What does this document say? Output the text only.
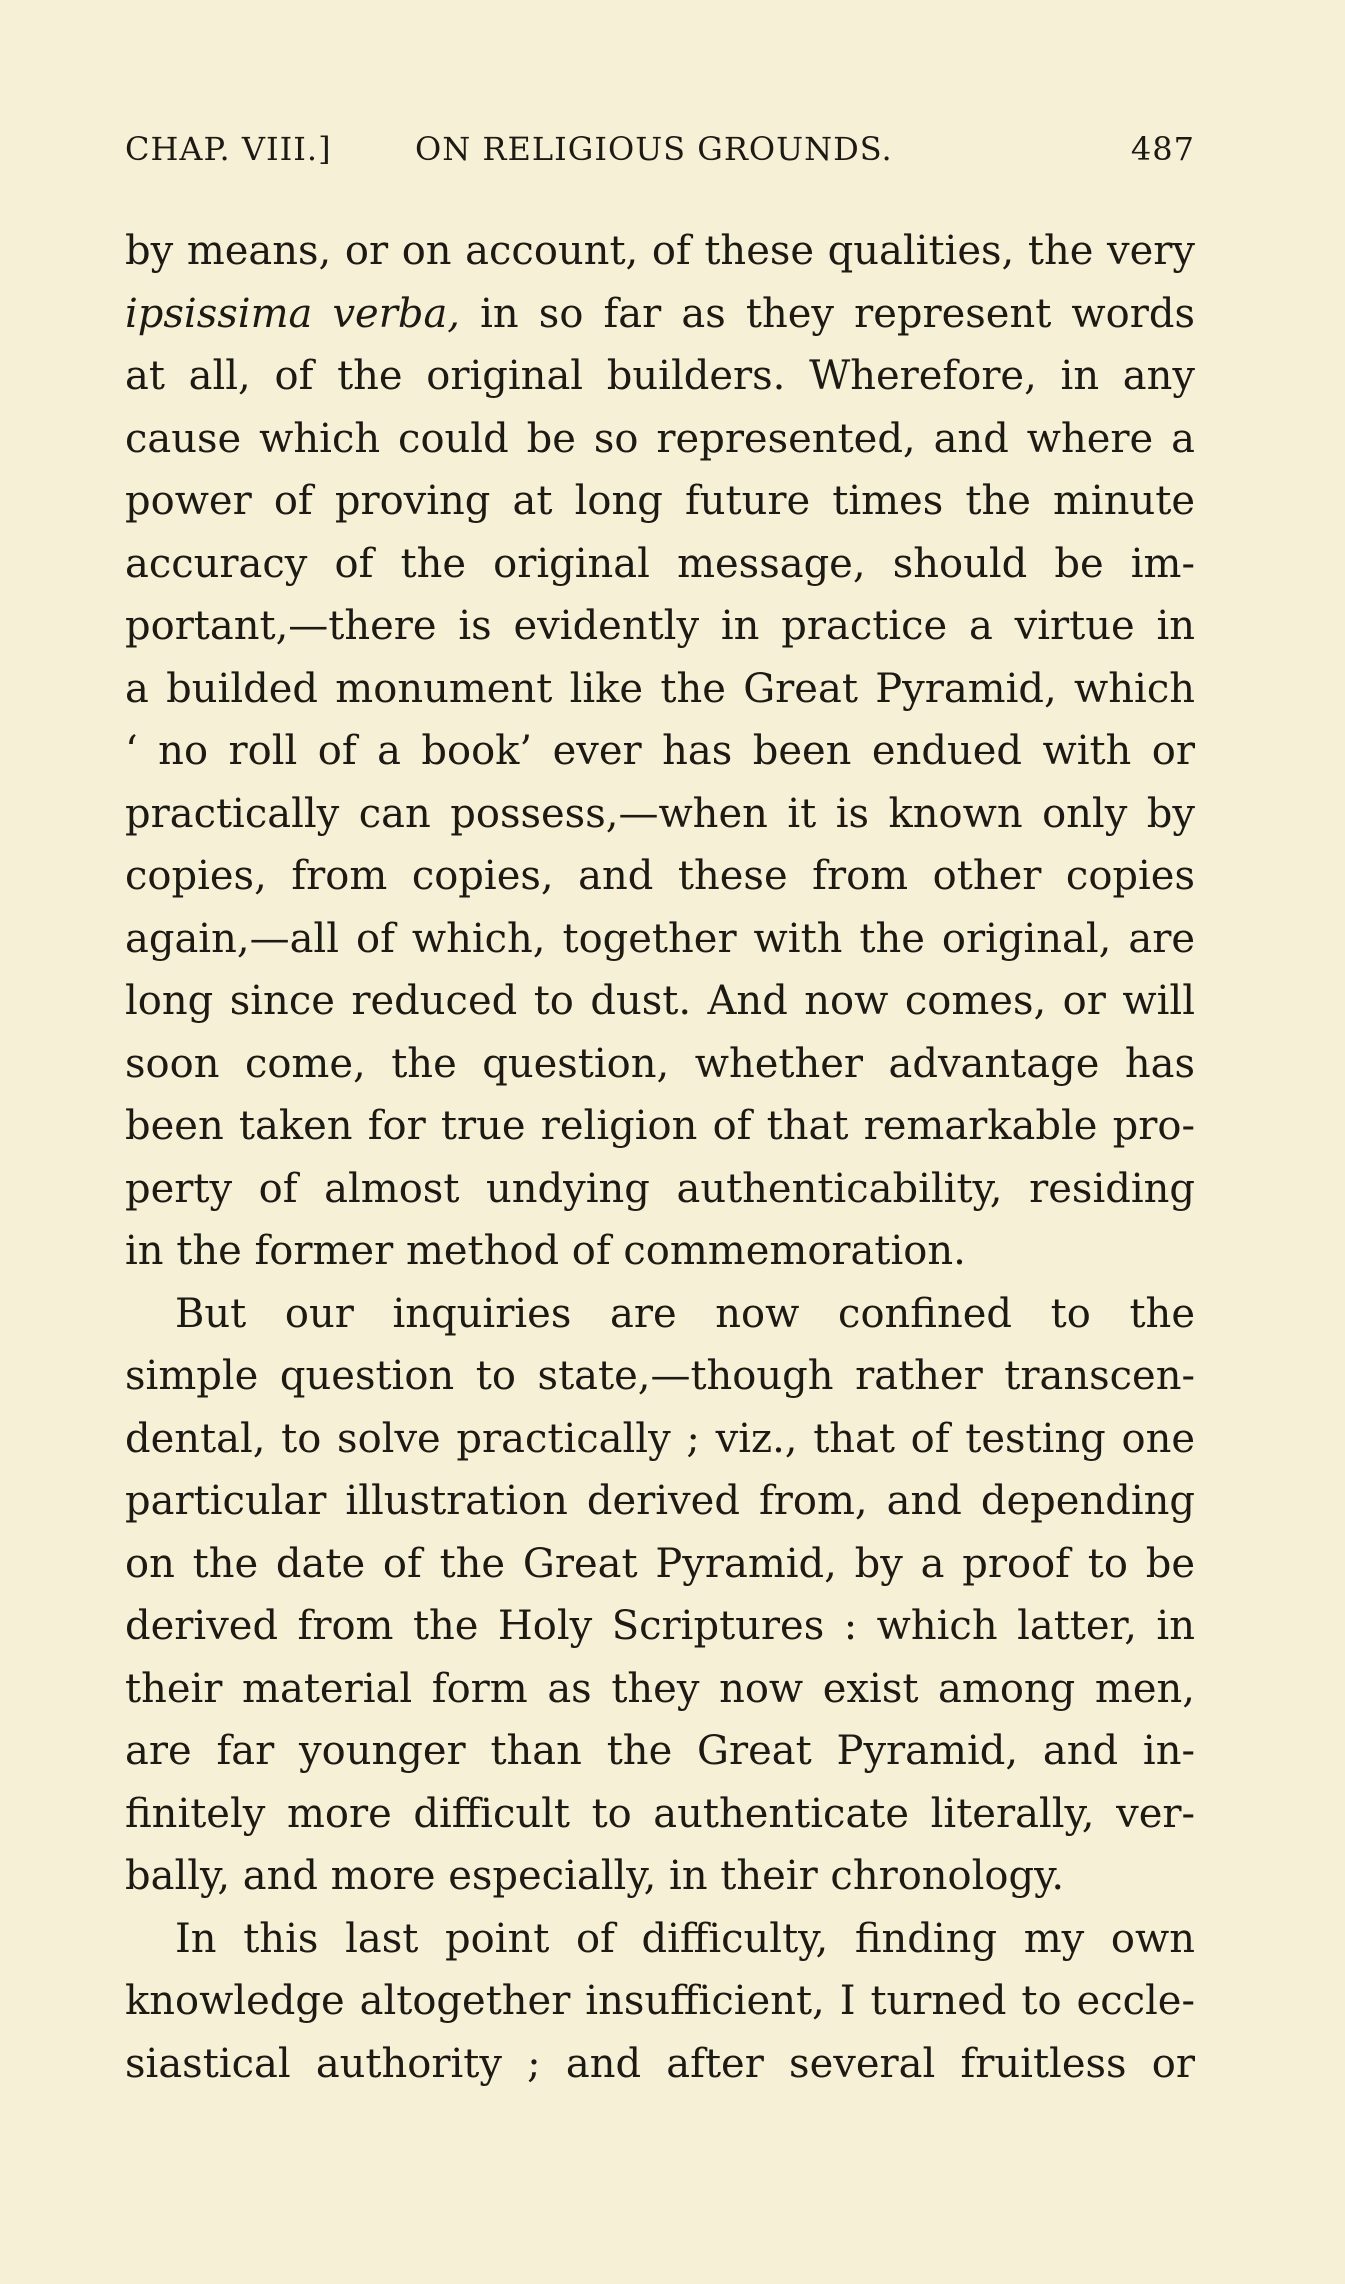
CHAP. VIII.]	ON RELIGIOUS GROUNDS.	487
by means, or on account, of these qualities, the very
ipsissima verba, in so far as they represent words
at all, of the original builders. Wherefore, in any
cause which could be so represented, and where a
power of proving at long future times the minute
accuracy of the original message, should be im-
portant,—there is evidently in practice a virtue in
a builded monument like the Great Pyramid, which
‘ no roll of a book’ ever has been endued with or
practically can possess,—when it is known only by
copies, from copies, and these from other copies
again,—all of which, together with the original, are
long since reduced to dust. And now comes, or will
soon come, the question, whether advantage has
been taken for true religion of that remarkable pro-
perty of almost undying authenticability, residing
in the former method of commemoration.
But our inquiries are now confined to the
simple question to state,—though rather transcen-
dental, to solve practically ; viz., that of testing one
particular illustration derived from, and depending
on the date of the Great Pyramid, by a proof to be
derived from the Holy Scriptures : which latter, in
their material form as they now exist among men,
are far younger than the Great Pyramid, and in-
finitely more difficult to authenticate literally, ver-
bally, and more especially, in their chronology.
In this last point of difficulty, finding my own
knowledge altogether insufficient, I turned to eccle-
siastical authority ; and after several fruitless or
